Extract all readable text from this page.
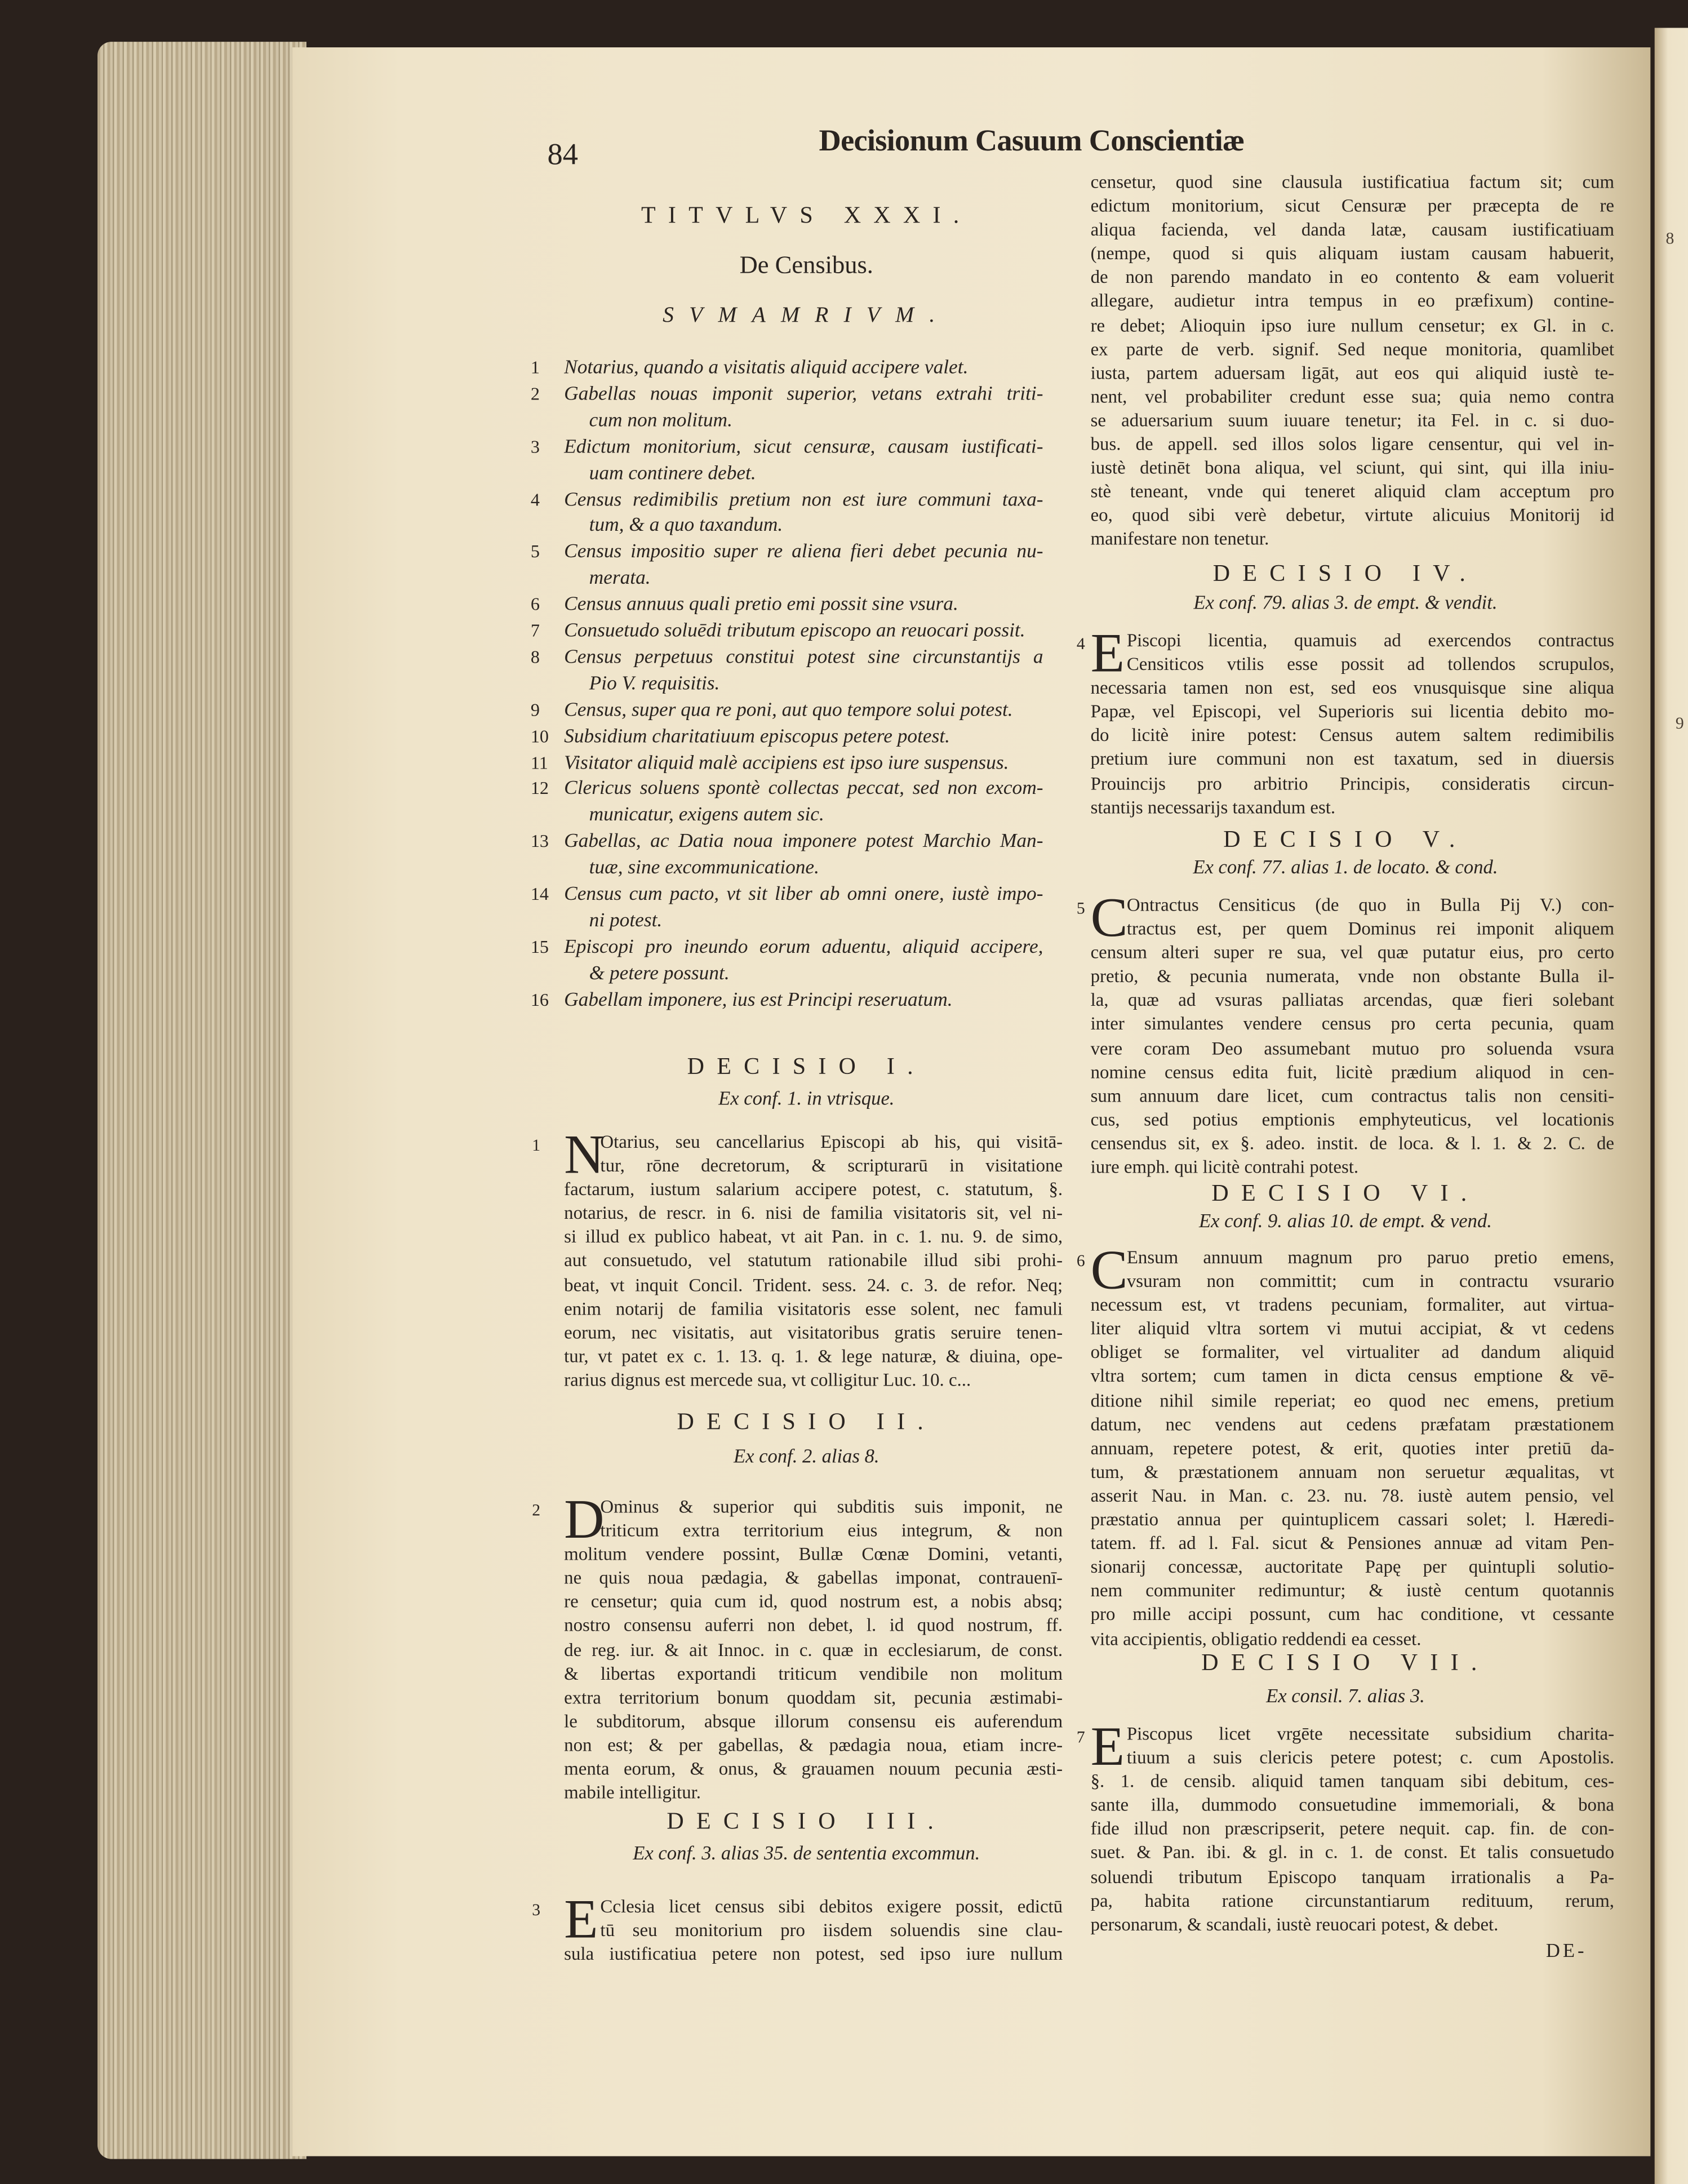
8
9
84	Decisionum Casuum Conscientiæ
TITVLVS XXXI.
De Censibus.
SVMAMRIVM.
1	Notarius, quando a visitatis aliquid accipere valet.
2	Gabellas nouas imponit superior, vetans extrahi triti-
cum non molitum.
3	Edictum monitorium, sicut censuræ, causam iustificati-
uam continere debet.
4	Census redimibilis pretium non est iure communi taxa-
tum, & a quo taxandum.
5	Census impositio super re aliena fieri debet pecunia nu-
merata.
6	Census annuus quali pretio emi possit sine vsura.
7	Consuetudo soluēdi tributum episcopo an reuocari possit.
8	Census perpetuus constitui potest sine circunstantijs a
Pio V. requisitis.
9	Census, super qua re poni, aut quo tempore solui potest.
10	Subsidium charitatiuum episcopus petere potest.
11	Visitator aliquid malè accipiens est ipso iure suspensus.
12	Clericus soluens spontè collectas peccat, sed non excom-
municatur, exigens autem sic.
13	Gabellas, ac Datia noua imponere potest Marchio Man-
tuæ, sine excommunicatione.
14	Census cum pacto, vt sit liber ab omni onere, iustè impo-
ni potest.
15	Episcopi pro ineundo eorum aduentu, aliquid accipere,
& petere possunt.
16	Gabellam imponere, ius est Principi reseruatum.
DECISIO I.
Ex conf. 1. in vtrisque.
1 N
Otarius, seu cancellarius Episcopi ab his, qui visitā-
tur, rōne decretorum, & scripturarū in visitatione
factarum, iustum salarium accipere potest, c. statutum, §.
notarius, de rescr. in 6. nisi de familia visitatoris sit, vel ni-
si illud ex publico habeat, vt ait Pan. in c. 1. nu. 9. de simo,
aut consuetudo, vel statutum rationabile illud sibi prohi-
beat, vt inquit Concil. Trident. sess. 24. c. 3. de refor. Neq;
enim notarij de familia visitatoris esse solent, nec famuli
eorum, nec visitatis, aut visitatoribus gratis seruire tenen-
tur, vt patet ex c. 1. 13. q. 1. & lege naturæ, & diuina, ope-
rarius dignus est mercede sua, vt colligitur Luc. 10. c...
DECISIO II.
Ex conf. 2. alias 8.
2 D
Ominus & superior qui subditis suis imponit, ne
triticum extra territorium eius integrum, & non
molitum vendere possint, Bullæ Cœnæ Domini, vetanti,
ne quis noua pædagia, & gabellas imponat, contrauenī-
re censetur; quia cum id, quod nostrum est, a nobis absq;
nostro consensu auferri non debet, l. id quod nostrum, ff.
de reg. iur. & ait Innoc. in c. quæ in ecclesiarum, de const.
& libertas exportandi triticum vendibile non molitum
extra territorium bonum quoddam sit, pecunia æstimabi-
le subditorum, absque illorum consensu eis auferendum
non est; & per gabellas, & pædagia noua, etiam incre-
menta eorum, & onus, & grauamen nouum pecunia æsti-
mabile intelligitur.
DECISIO III.
Ex conf. 3. alias 35. de sententia excommun.
3 E Cclesia licet census sibi debitos exigere possit, edictū
tū seu monitorium pro iisdem soluendis sine clau-
sula iustificatiua petere non potest, sed ipso iure nullum
censetur, quod sine clausula iustificatiua factum sit; cum
edictum monitorium, sicut Censuræ per præcepta de re
aliqua facienda, vel danda latæ, causam iustificatiuam
(nempe, quod si quis aliquam iustam causam habuerit,
de non parendo mandato in eo contento & eam voluerit
allegare, audietur intra tempus in eo præfixum) contine-
re debet; Alioquin ipso iure nullum censetur; ex Gl. in c.
ex parte de verb. signif. Sed neque monitoria, quamlibet
iusta, partem aduersam ligāt, aut eos qui aliquid iustè te-
nent, vel probabiliter credunt esse sua; quia nemo contra
se aduersarium suum iuuare tenetur; ita Fel. in c. si duo-
bus. de appell. sed illos solos ligare censentur, qui vel in-
iustè detinēt bona aliqua, vel sciunt, qui sint, qui illa iniu-
stè teneant, vnde qui teneret aliquid clam acceptum pro
eo, quod sibi verè debetur, virtute alicuius Monitorij id
manifestare non tenetur.
DECISIO IV.
Ex conf. 79. alias 3. de empt. & vendit.
4 E Piscopi licentia, quamuis ad exercendos contractus
Censiticos vtilis esse possit ad tollendos scrupulos,
necessaria tamen non est, sed eos vnusquisque sine aliqua
Papæ, vel Episcopi, vel Superioris sui licentia debito mo-
do licitè inire potest: Census autem saltem redimibilis
pretium iure communi non est taxatum, sed in diuersis
Prouincijs pro arbitrio Principis, consideratis circun-
stantijs necessarijs taxandum est.
DECISIO V.
Ex conf. 77. alias 1. de locato. & cond.
5 C
Ontractus Censiticus (de quo in Bulla Pij V.) con-
tractus est, per quem Dominus rei imponit aliquem
censum alteri super re sua, vel quæ putatur eius, pro certo
pretio, & pecunia numerata, vnde non obstante Bulla il-
la, quæ ad vsuras palliatas arcendas, quæ fieri solebant
inter simulantes vendere census pro certa pecunia, quam
vere coram Deo assumebant mutuo pro soluenda vsura
nomine census edita fuit, licitè prædium aliquod in cen-
sum annuum dare licet, cum contractus talis non censiti-
cus, sed potius emptionis emphyteuticus, vel locationis
censendus sit, ex §. adeo. instit. de loca. & l. 1. & 2. C. de
iure emph. qui licitè contrahi potest.
DECISIO VI.
Ex conf. 9. alias 10. de empt. & vend.
6 C
Ensum annuum magnum pro paruo pretio emens,
vsuram non committit; cum in contractu vsurario
necessum est, vt tradens pecuniam, formaliter, aut virtua-
liter aliquid vltra sortem vi mutui accipiat, & vt cedens
obliget se formaliter, vel virtualiter ad dandum aliquid
vltra sortem; cum tamen in dicta census emptione & vē-
ditione nihil simile reperiat; eo quod nec emens, pretium
datum, nec vendens aut cedens præfatam præstationem
annuam, repetere potest, & erit, quoties inter pretiū da-
tum, & præstationem annuam non seruetur æqualitas, vt
asserit Nau. in Man. c. 23. nu. 78. iustè autem pensio, vel
præstatio annua per quintuplicem cassari solet; l. Hæredi-
tatem. ff. ad l. Fal. sicut & Pensiones annuæ ad vitam Pen-
sionarij concessæ, auctoritate Papę per quintupli solutio-
nem communiter redimuntur; & iustè centum quotannis
pro mille accipi possunt, cum hac conditione, vt cessante
vita accipientis, obligatio reddendi ea cesset.
DECISIO VII.
Ex consil. 7. alias 3.
7 E Piscopus licet vrgēte necessitate subsidium charita-
tiuum a suis clericis petere potest; c. cum Apostolis.
§. 1. de censib. aliquid tamen tanquam sibi debitum, ces-
sante illa, dummodo consuetudine immemoriali, & bona
fide illud non præscripserit, petere nequit. cap. fin. de con-
suet. & Pan. ibi. & gl. in c. 1. de const. Et talis consuetudo
soluendi tributum Episcopo tanquam irrationalis a Pa-
pa, habita ratione circunstantiarum redituum, rerum,
personarum, & scandali, iustè reuocari potest, & debet.
DE-
